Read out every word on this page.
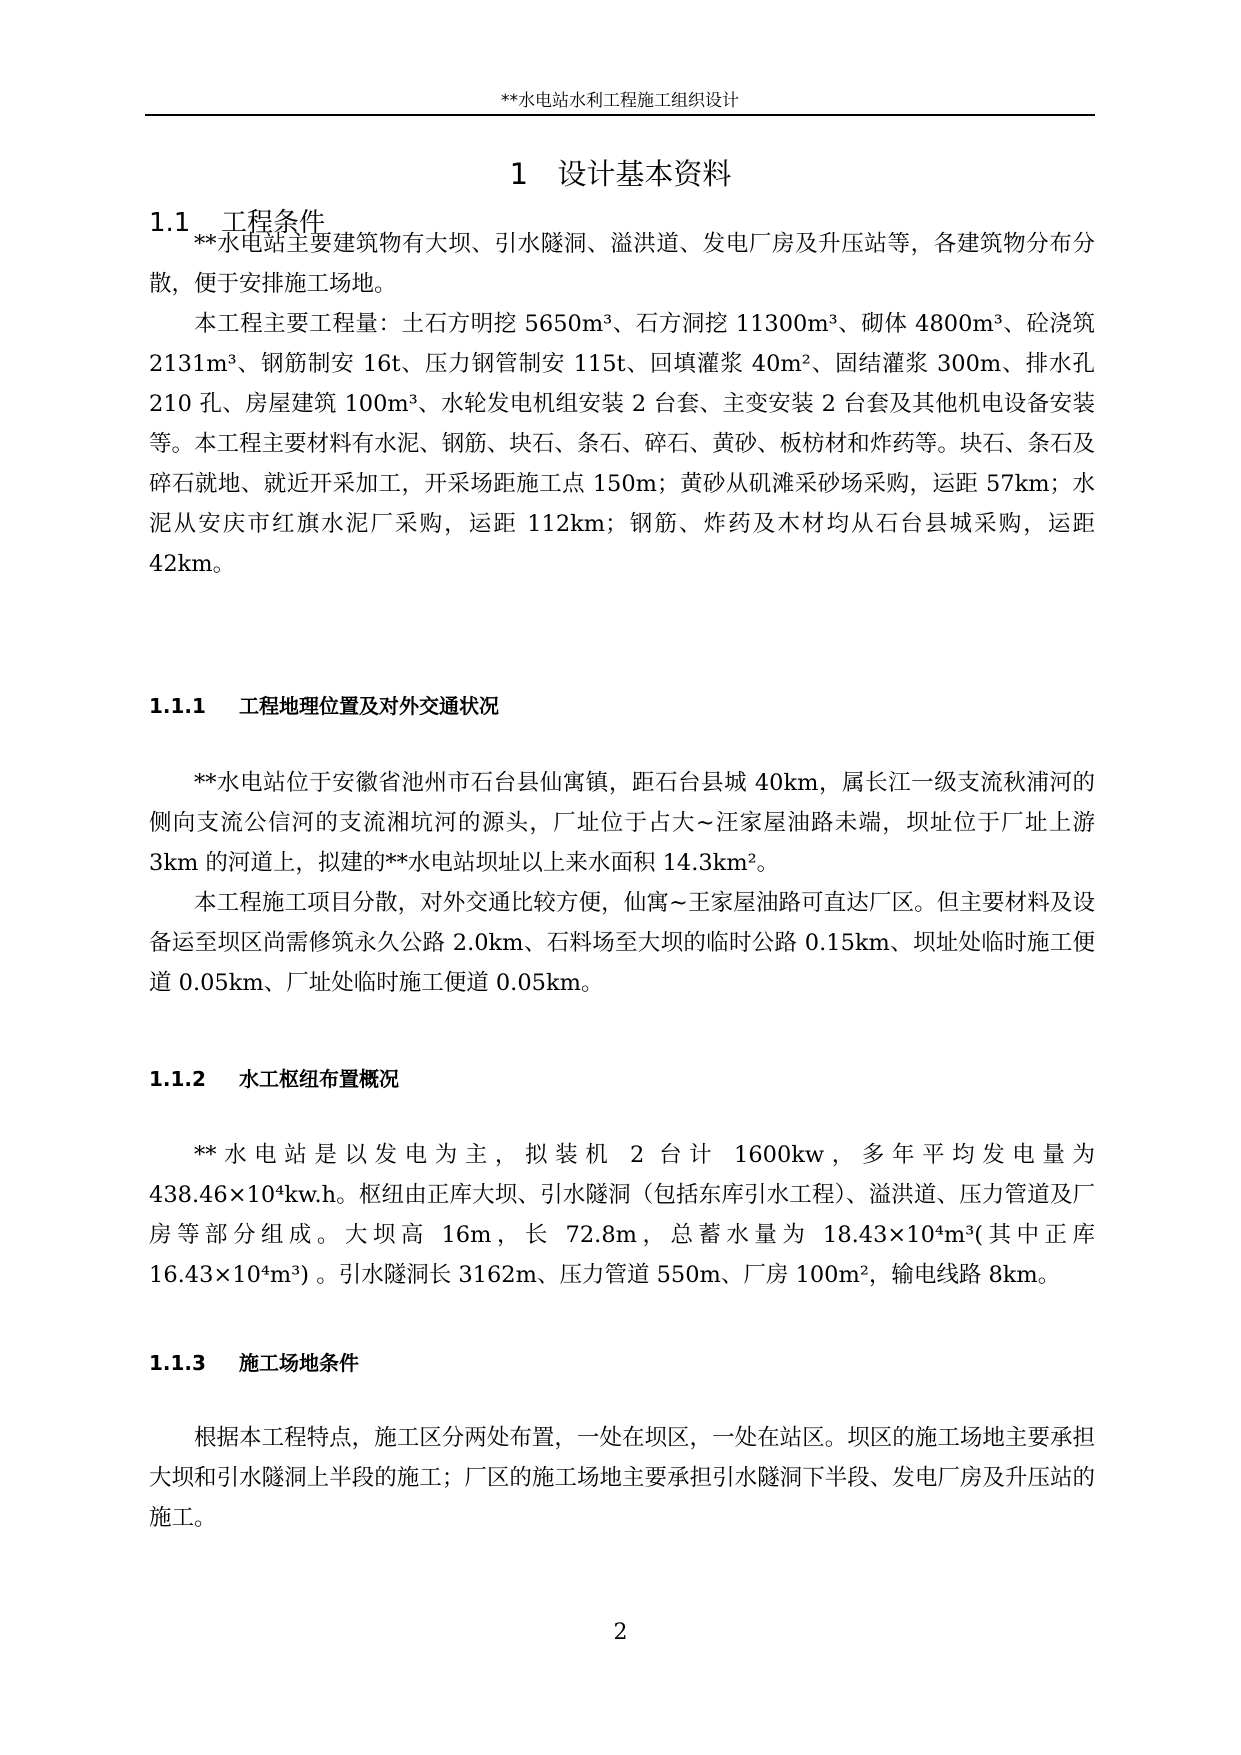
**水电站水利工程施工组织设计
1 设计基本资料
1.1 工程条件

**水电站主要建筑物有大坝、引水隧洞、溢洪道、发电厂房及升压站等，各建筑物分布分散，便于安排施工场地。

本工程主要工程量：土石方明挖 5650m³、石方洞挖 11300m³、砌体 4800m³、砼浇筑 2131m³、钢筋制安 16t、压力钢管制安 115t、回填灌浆 40m²、固结灌浆 300m、排水孔 210 孔、房屋建筑 100m³、水轮发电机组安装 2 台套、主变安装 2 台套及其他机电设备安装等。 本工程主要材料有水泥、钢筋、块石、条石、碎石、黄砂、板枋材和炸药等。块石、条石及碎石就地、就近开采加工，开采场距施工点 150m；黄砂从矶滩采砂场采购，运距 57km；水泥从安庆市红旗水泥厂采购，运距 112km；钢筋、炸药及木材均从石台县城采购，运距 42km。

1.1.1 工程地理位置及对外交通状况

**水电站位于安徽省池州市石台县仙寓镇，距石台县城 40km，属长江一级支流秋浦河的侧向支流公信河的支流湘坑河的源头，厂址位于占大~汪家屋油路未端，坝址位于厂址上游 3km 的河道上，拟建的**水电站坝址以上来水面积 14.3km²。

本工程施工项目分散，对外交通比较方便，仙寓~王家屋油路可直达厂区。但主要材料及设备运至坝区尚需修筑永久公路 2.0km、石料场至大坝的临时公路 0.15km、坝址处临时施工便道 0.05km、厂址处临时施工便道 0.05km。

1.1.2 水工枢纽布置概况

**水电站是以发电为主，拟装机 2 台计 1600kw，多年平均发电量为 438.46×10⁴kw.h。枢纽由正库大坝、引水隧洞（包括东库引水工程）、溢洪道、压力管道及厂房等部分组成。大坝高 16m，长 72.8m，总蓄水量为 18.43×10⁴m³(其中正库 16.43×10⁴m³) 。引水隧洞长 3162m、压力管道 550m、厂房 100m²，输电线路 8km。

1.1.3 施工场地条件

根据本工程特点，施工区分两处布置，一处在坝区，一处在站区。坝区的施工场地主要承担大坝和引水隧洞上半段的施工；厂区的施工场地主要承担引水隧洞下半段、发电厂房及升压站的施工。

2
